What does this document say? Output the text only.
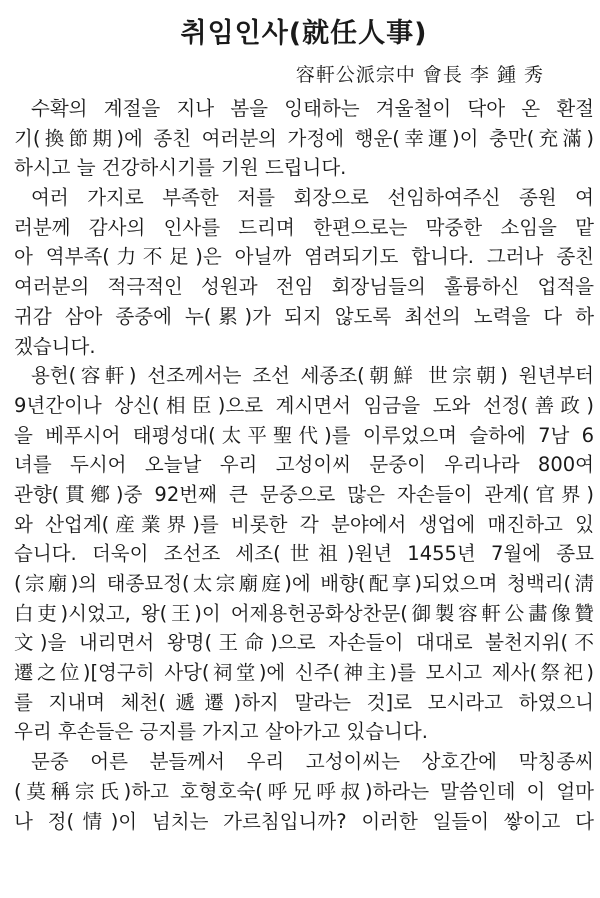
취임인사(就任人事)
容軒公派宗中 會長 李 鍾 秀
수확의 계절을 지나 봄을 잉태하는 겨울철이 닥아 온 환절
기(換節期)에 종친 여러분의 가정에 행운(幸運)이 충만(充滿)
하시고 늘 건강하시기를 기원 드립니다.
여러 가지로 부족한 저를 회장으로 선임하여주신 종원 여
러분께 감사의 인사를 드리며 한편으로는 막중한 소임을 맡
아 역부족(力不足)은 아닐까 염려되기도 합니다. 그러나 종친
여러분의 적극적인 성원과 전임 회장님들의 훌륭하신 업적을
귀감 삼아 종중에 누(累)가 되지 않도록 최선의 노력을 다 하
겠습니다.
용헌(容軒) 선조께서는 조선 세종조(朝鮮 世宗朝) 원년부터
9년간이나 상신(相臣)으로 계시면서 임금을 도와 선정(善政)
을 베푸시어 태평성대(太平聖代)를 이루었으며 슬하에 7남 6
녀를 두시어 오늘날 우리 고성이씨 문중이 우리나라 800여
관향(貫鄕)중 92번째 큰 문중으로 많은 자손들이 관계(官界)
와 산업계(産業界)를 비롯한 각 분야에서 생업에 매진하고 있
습니다. 더욱이 조선조 세조(世祖)원년 1455년 7월에 종묘
(宗廟)의 태종묘정(太宗廟庭)에 배향(配享)되었으며 청백리(淸
白吏)시었고, 왕(王)이 어제용헌공화상찬문(御製容軒公畵像贊
文)을 내리면서 왕명(王命)으로 자손들이 대대로 불천지위(不
遷之位)[영구히 사당(祠堂)에 신주(神主)를 모시고 제사(祭祀)
를 지내며 체천(遞遷)하지 말라는 것]로 모시라고 하였으니
우리 후손들은 긍지를 가지고 살아가고 있습니다.
문중 어른 분들께서 우리 고성이씨는 상호간에 막칭종씨
(莫稱宗氏)하고 호형호숙(呼兄呼叔)하라는 말씀인데 이 얼마
나 정(情)이 넘치는 가르침입니까? 이러한 일들이 쌓이고 다
